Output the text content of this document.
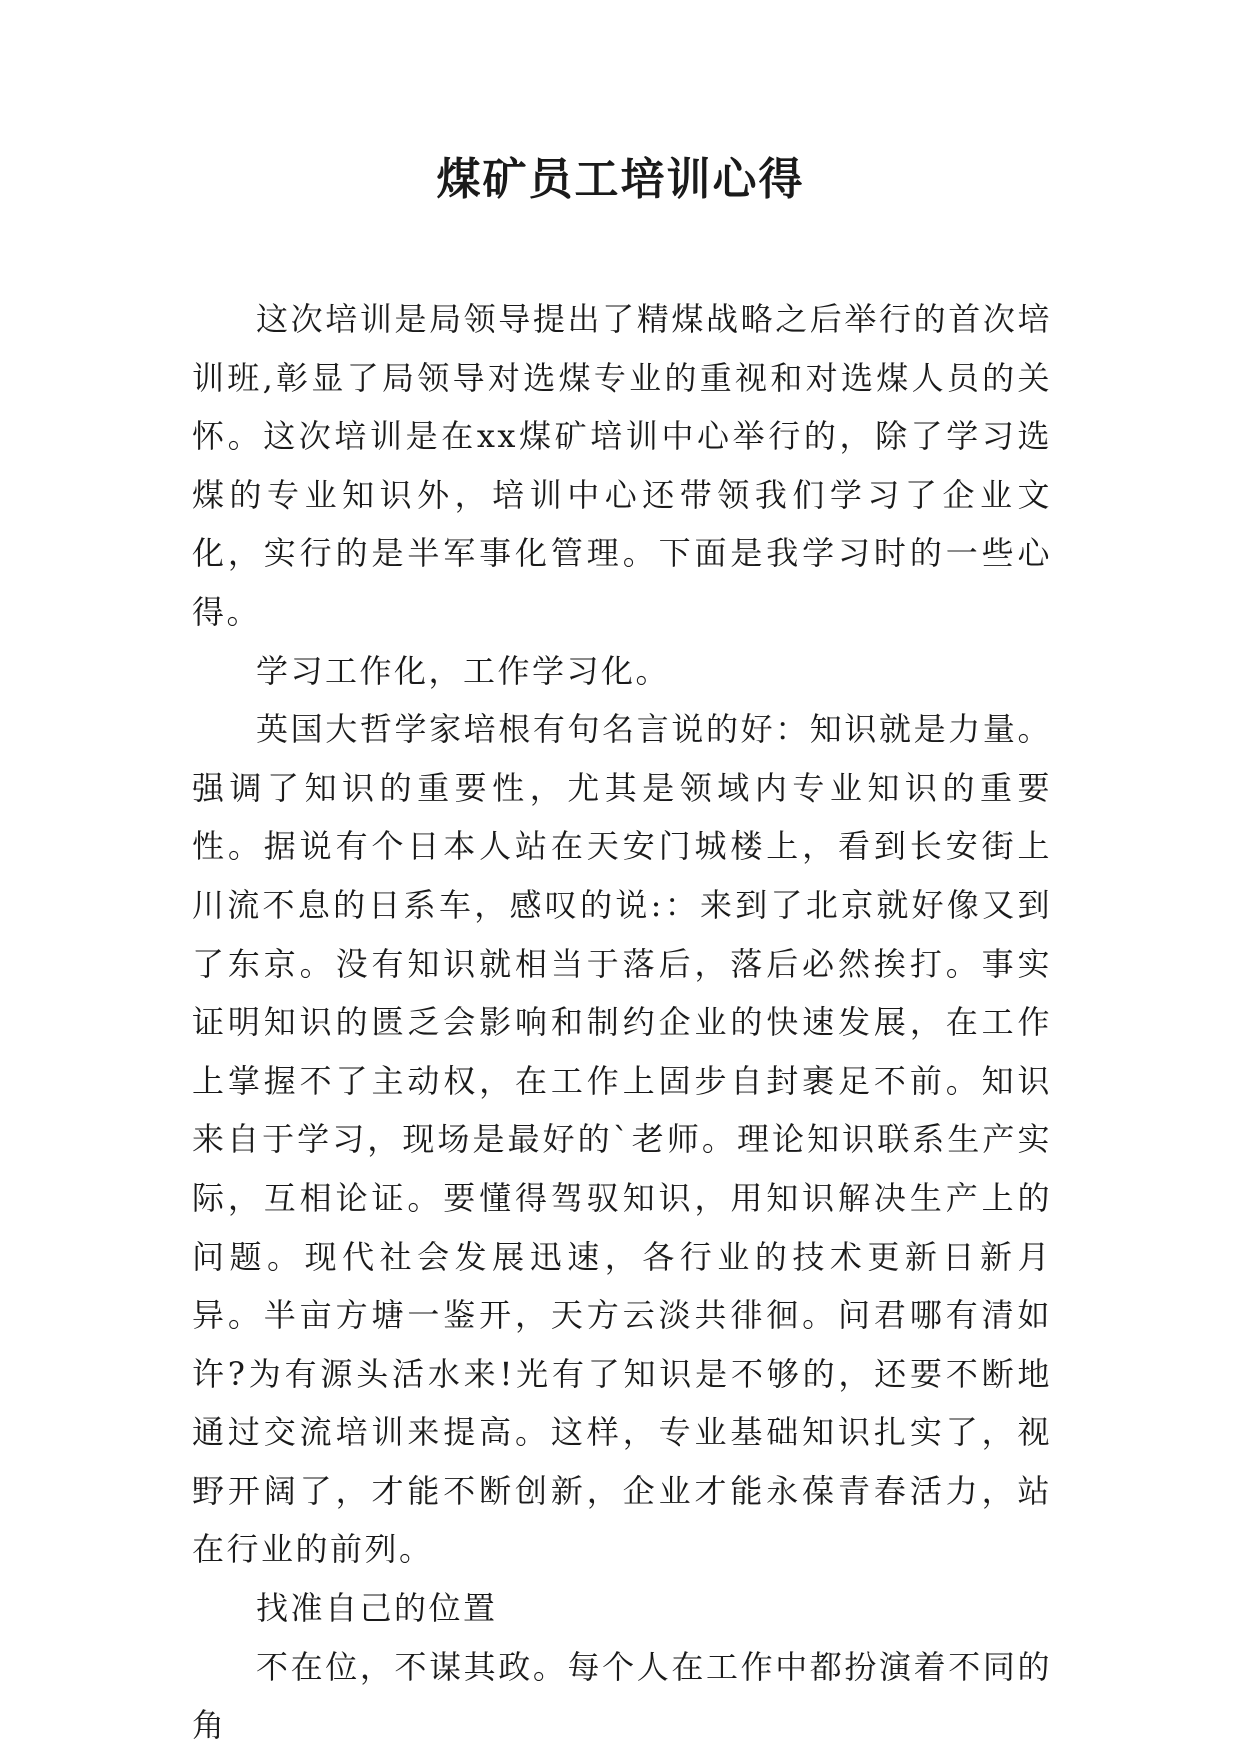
煤矿员工培训心得

这次培训是局领导提出了精煤战略之后举行的首次培训班,彰显了局领导对选煤专业的重视和对选煤人员的关怀。这次培训是在xx煤矿培训中心举行的，除了学习选煤的专业知识外，培训中心还带领我们学习了企业文化，实行的是半军事化管理。下面是我学习时的一些心得。

学习工作化，工作学习化。

英国大哲学家培根有句名言说的好：知识就是力量。强调了知识的重要性，尤其是领域内专业知识的重要性。据说有个日本人站在天安门城楼上，看到长安街上川流不息的日系车，感叹的说:：来到了北京就好像又到了东京。没有知识就相当于落后，落后必然挨打。事实证明知识的匮乏会影响和制约企业的快速发展，在工作上掌握不了主动权，在工作上固步自封裹足不前。知识来自于学习，现场是最好的`老师。理论知识联系生产实际，互相论证。要懂得驾驭知识，用知识解决生产上的问题。现代社会发展迅速，各行业的技术更新日新月异。半亩方塘一鉴开，天方云淡共徘徊。问君哪有清如许?为有源头活水来!光有了知识是不够的，还要不断地通过交流培训来提高。这样，专业基础知识扎实了，视野开阔了，才能不断创新，企业才能永葆青春活力，站在行业的前列。

找准自己的位置

不在位，不谋其政。每个人在工作中都扮演着不同的角
